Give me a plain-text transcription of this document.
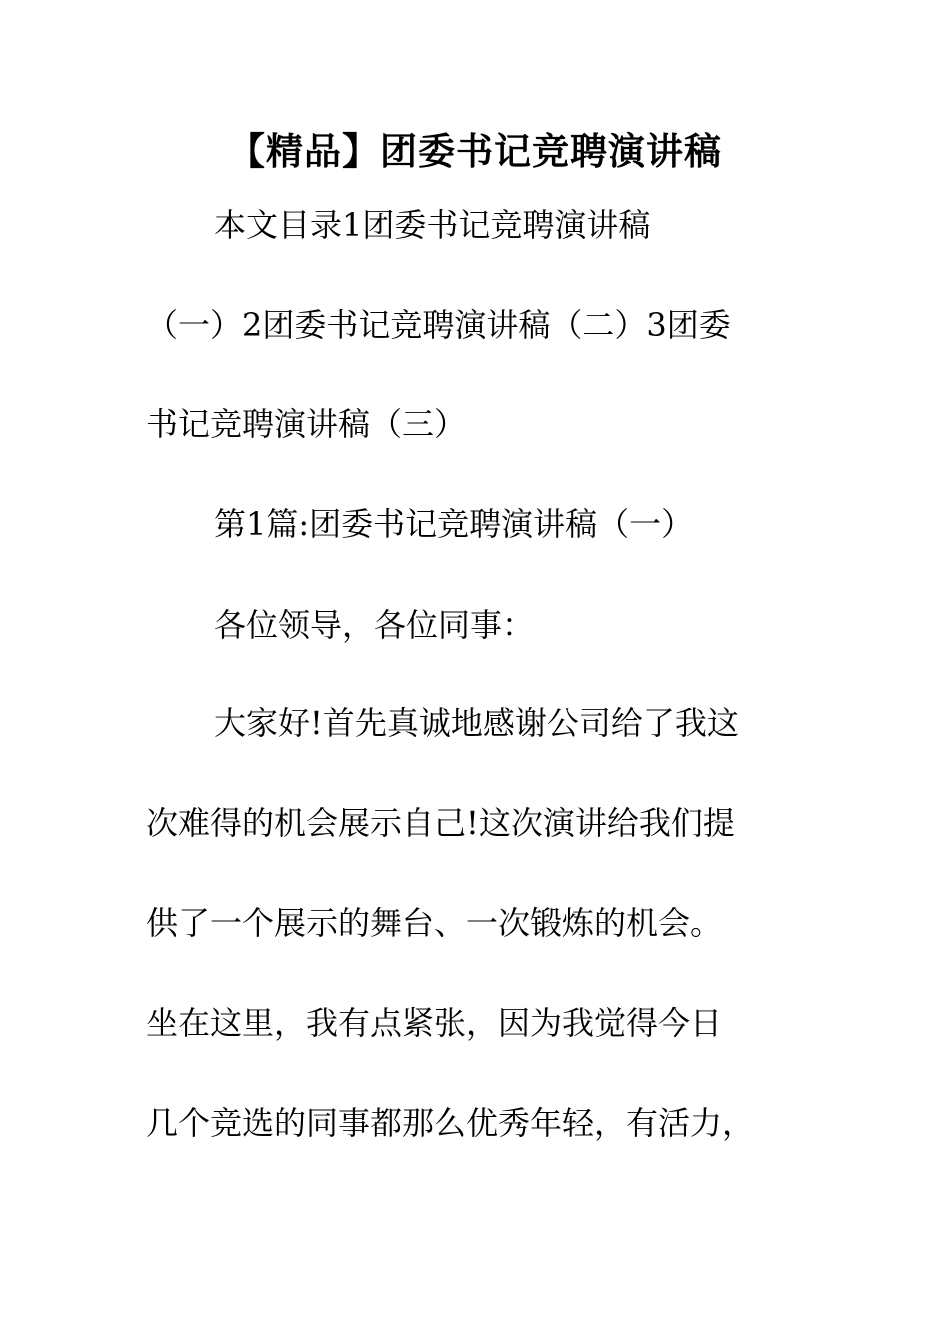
【精品】团委书记竞聘演讲稿
本文目录1团委书记竞聘演讲稿
（一）2团委书记竞聘演讲稿（二）3团委
书记竞聘演讲稿（三）
第1篇:团委书记竞聘演讲稿（一）
各位领导，各位同事：
大家好!首先真诚地感谢公司给了我这
次难得的机会展示自己!这次演讲给我们提
供了一个展示的舞台、一次锻炼的机会。
坐在这里，我有点紧张，因为我觉得今日
几个竞选的同事都那么优秀年轻，有活力，
